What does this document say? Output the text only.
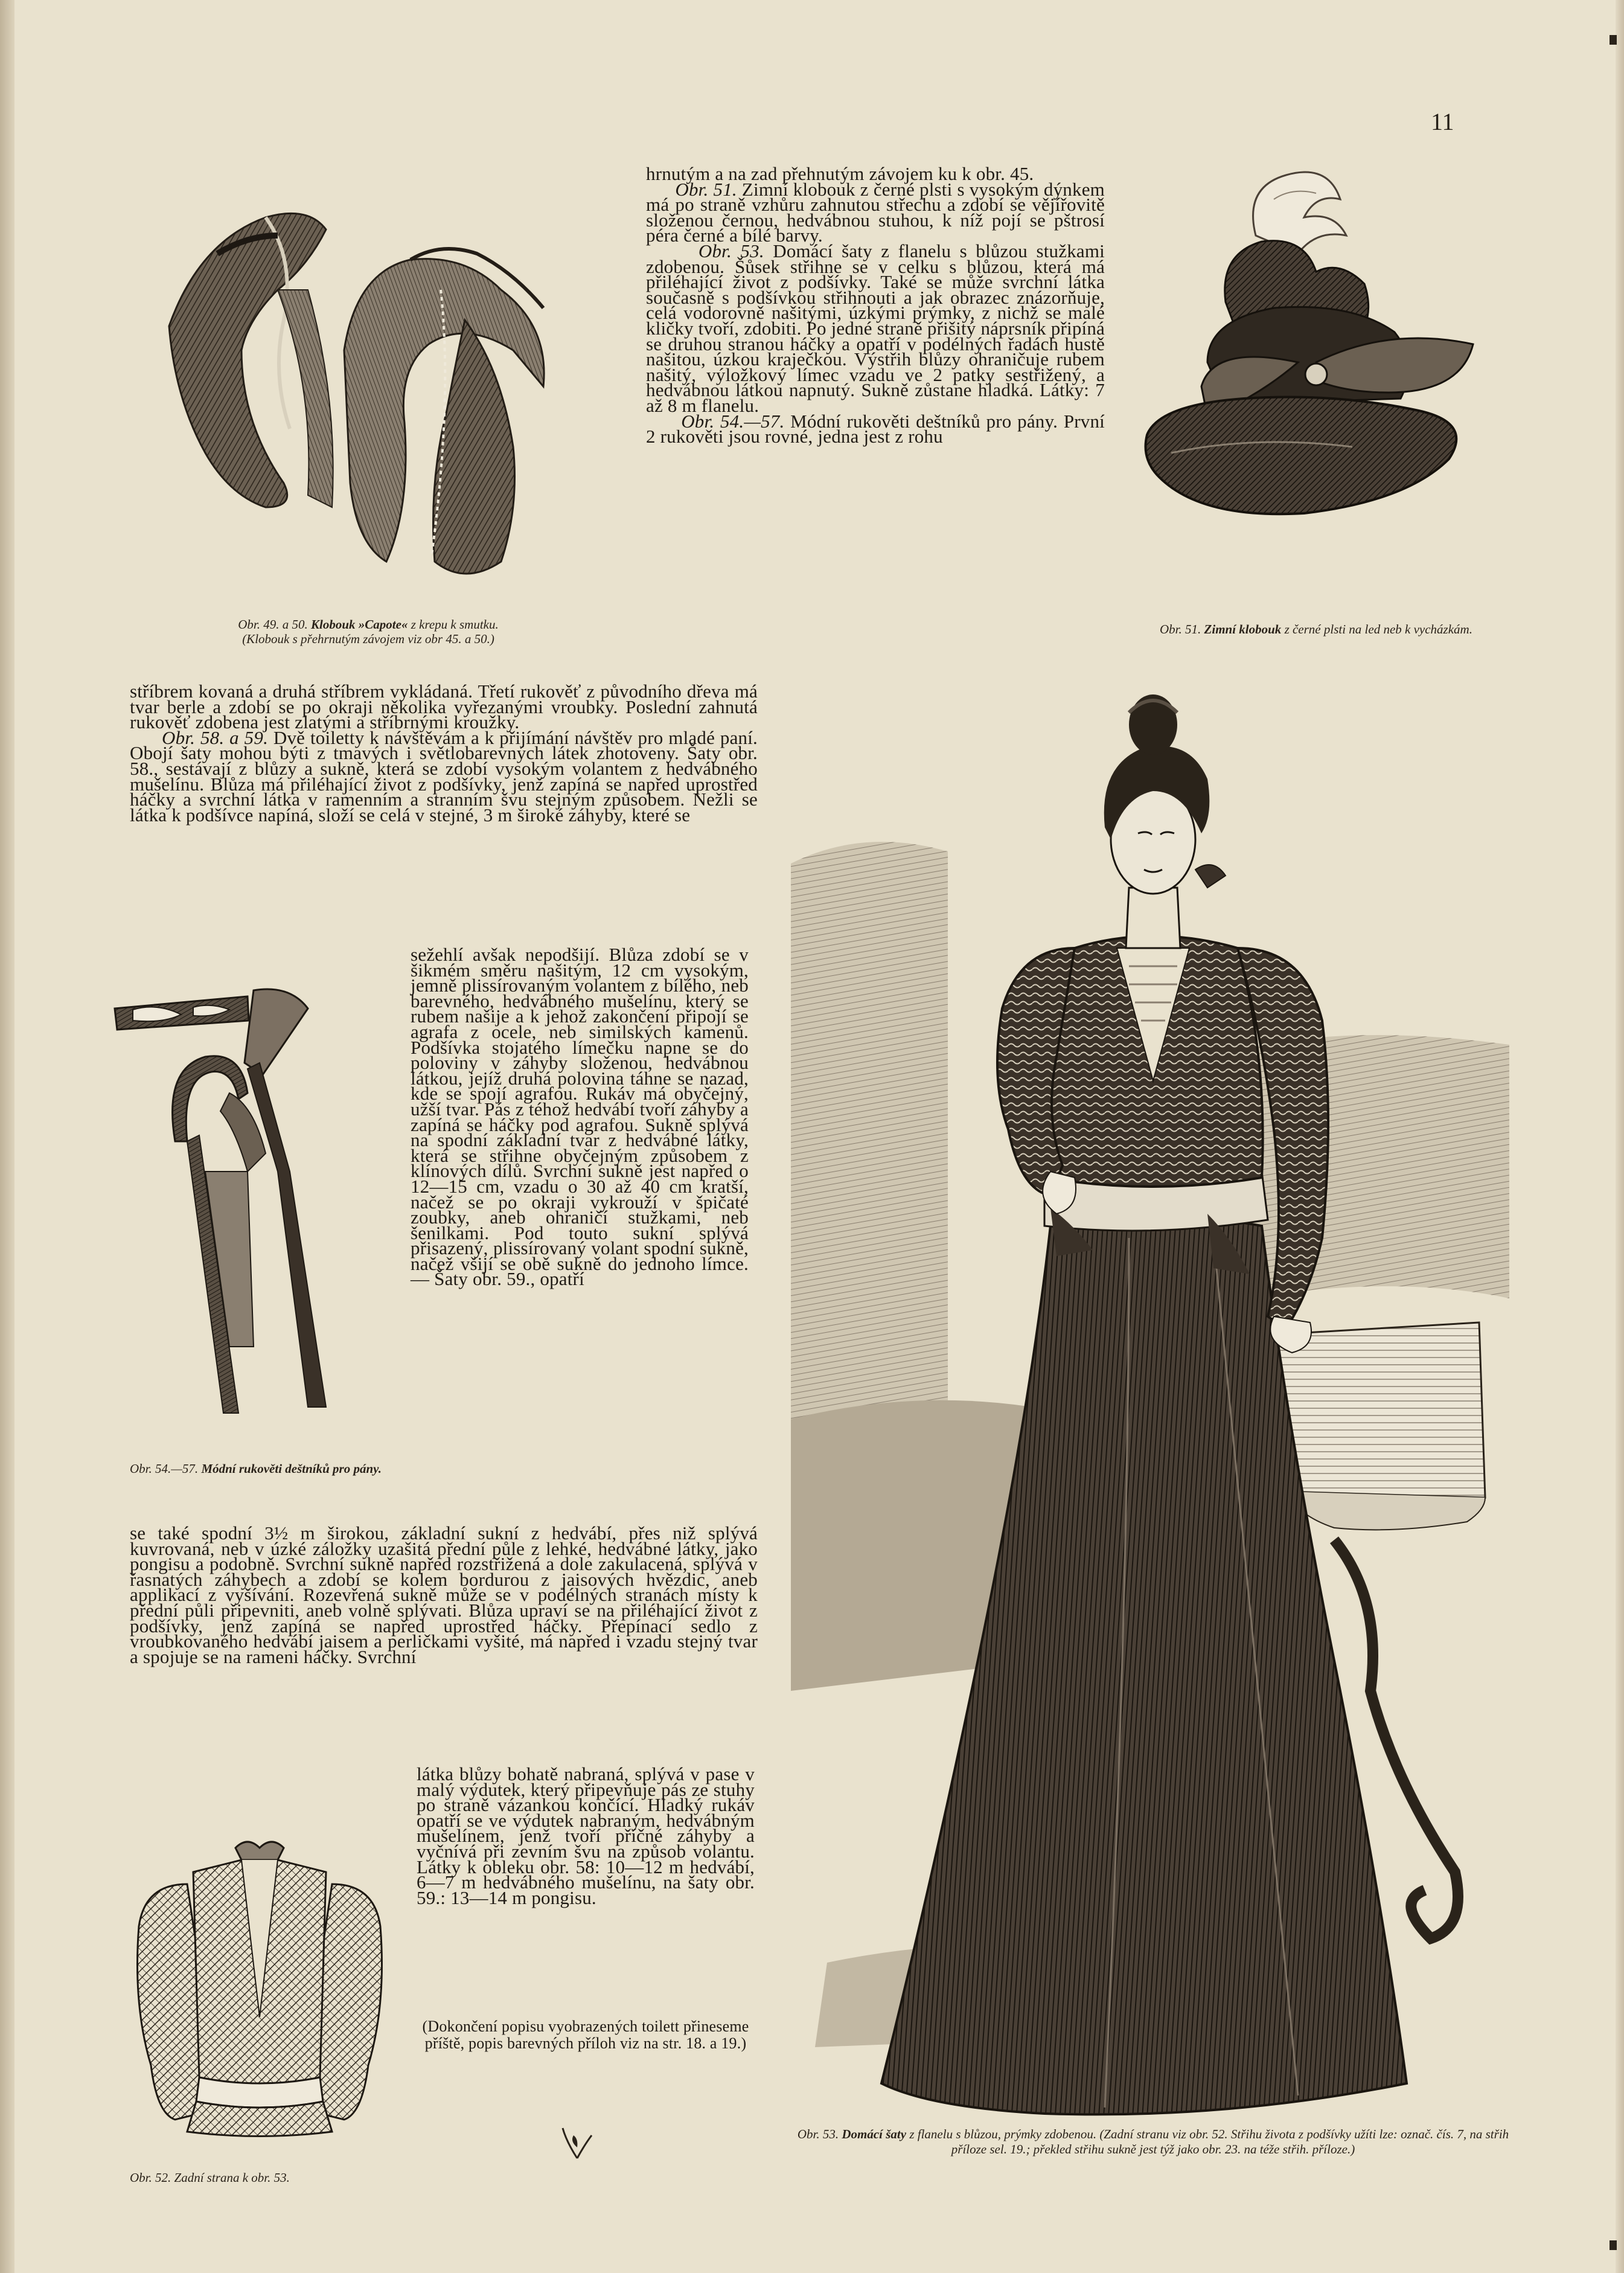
11

Obr. 49. a 50. Klobouk »Capote« z krepu k smutku.
(Klobouk s přehrnutým závojem viz obr 45. a 50.)

Obr. 51. Zimní klobouk z černé plsti na led neb k vycházkám.

hrnutým a na zad přehnutým závojem ku k obr. 45.
Obr. 51. Zimní klobouk z černé plsti s vysokým dýnkem má po straně vzhůru zahnutou střechu a zdobí se vějířovitě složenou černou, hedvábnou stuhou, k níž pojí se pštrosí péra černé a bílé barvy.
Obr. 53. Domácí šaty z flanelu s blůzou stužkami zdobenou. Šůsek střihne se v celku s blůzou, která má přiléhající život z podšívky. Také se může svrchní látka současně s podšívkou střihnouti a jak obrazec znázorňuje, celá vodorovně našitými, úzkými prýmky, z nichž se malé kličky tvoří, zdobiti. Po jedné straně přišitý náprsník připíná se druhou stranou háčky a opatří v podélných řadách hustě našitou, úzkou kraječkou. Výstřih blůzy ohraničuje rubem našitý, výložkový límec vzadu ve 2 patky sestřižený, a hedvábnou látkou napnutý. Sukně zůstane hladká. Látky: 7 až 8 m flanelu.
Obr. 54.—57. Módní rukověti deštníků pro pány. První 2 rukověti jsou rovné, jedna jest z rohu

stříbrem kovaná a druhá stříbrem vykládaná. Třetí rukověť z původního dřeva má tvar berle a zdobí se po okraji několika vyřezanými vroubky. Poslední zahnutá rukověť zdobena jest zlatými a stříbrnými kroužky.
Obr. 58. a 59. Dvě toiletty k návštěvám a k přijímání návštěv pro mladé paní. Obojí šaty mohou býti z tmavých i světlobarevných látek zhotoveny. Šaty obr. 58., sestávají z blůzy a sukně, která se zdobí vysokým volantem z hedvábného mušelínu. Blůza má přiléhající život z podšívky, jenž zapíná se napřed uprostřed háčky a svrchní látka v ramenním a stranním švu stejným způsobem. Nežli se látka k podšívce napíná, složí se celá v stejné, 3 m široké záhyby, které se

Obr. 54.—57. Módní rukověti deštníků pro pány.

sežehlí avšak nepodšijí. Blůza zdobí se v šikmém směru našitým, 12 cm vysokým, jemně plissírovaným volantem z bílého, neb barevného, hedvábného mušelínu, který se rubem našije a k jehož zakončení připojí se agrafa z ocele, neb similských kamenů. Podšívka stojatého límečku napne se do poloviny v záhyby složenou, hedvábnou látkou, jejíž druhá polovina táhne se nazad, kde se spojí agrafou. Rukáv má obyčejný, užší tvar. Pás z téhož hedvábí tvoří záhyby a zapíná se háčky pod agrafou. Sukně splývá na spodní základní tvar z hedvábné látky, která se střihne obyčejným způsobem z klínových dílů. Svrchní sukně jest napřed o 12—15 cm, vzadu o 30 až 40 cm kratší, načež se po okraji vykrouží v špičaté zoubky, aneb ohraničí stužkami, neb šenilkami. Pod touto sukní splývá přisazený, plissírovaný volant spodní sukně, načež všijí se obě sukně do jednoho límce. — Šaty obr. 59., opatří

se také spodní 3½ m širokou, základní sukní z hedvábí, přes niž splývá kuvrovaná, neb v úzké záložky uzašitá přední půle z lehké, hedvábné látky, jako pongisu a podobně. Svrchní sukně napřed rozstřižená a dole zakulacená, splývá v řasnatých záhybech a zdobí se kolem bordurou z jaisových hvězdic, aneb applikací z vyšívání. Rozevřená sukně může se v podélných stranách místy k přední půli připevniti, aneb volně splývati. Blůza upraví se na přiléhající život z podšívky, jenž zapíná se napřed uprostřed háčky. Přepínací sedlo z vroubkovaného hedvábí jaisem a perličkami vyšité, má napřed i vzadu stejný tvar a spojuje se na rameni háčky. Svrchní

Obr. 52. Zadní strana k obr. 53.

látka blůzy bohatě nabraná, splývá v pase v malý výdutek, který připevňuje pás ze stuhy po straně vázankou končící. Hladký rukáv opatří se ve výdutek nabraným, hedvábným mušelínem, jenž tvoří příčné záhyby a vyčnívá při zevním švu na způsob volantu. Látky k obleku obr. 58: 10—12 m hedvábí, 6—7 m hedvábného mušelínu, na šaty obr. 59.: 13—14 m pongisu.

(Dokončení popisu vyobrazených toilett přineseme příště, popis barevných příloh viz na str. 18. a 19.)

Obr. 53. Domácí šaty z flanelu s blůzou, prýmky zdobenou. (Zadní stranu viz obr. 52. Střihu života z podšívky užíti lze: označ. čís. 7, na střih příloze sel. 19.; překled střihu sukně jest týž jako obr. 23. na téže střih. příloze.)
